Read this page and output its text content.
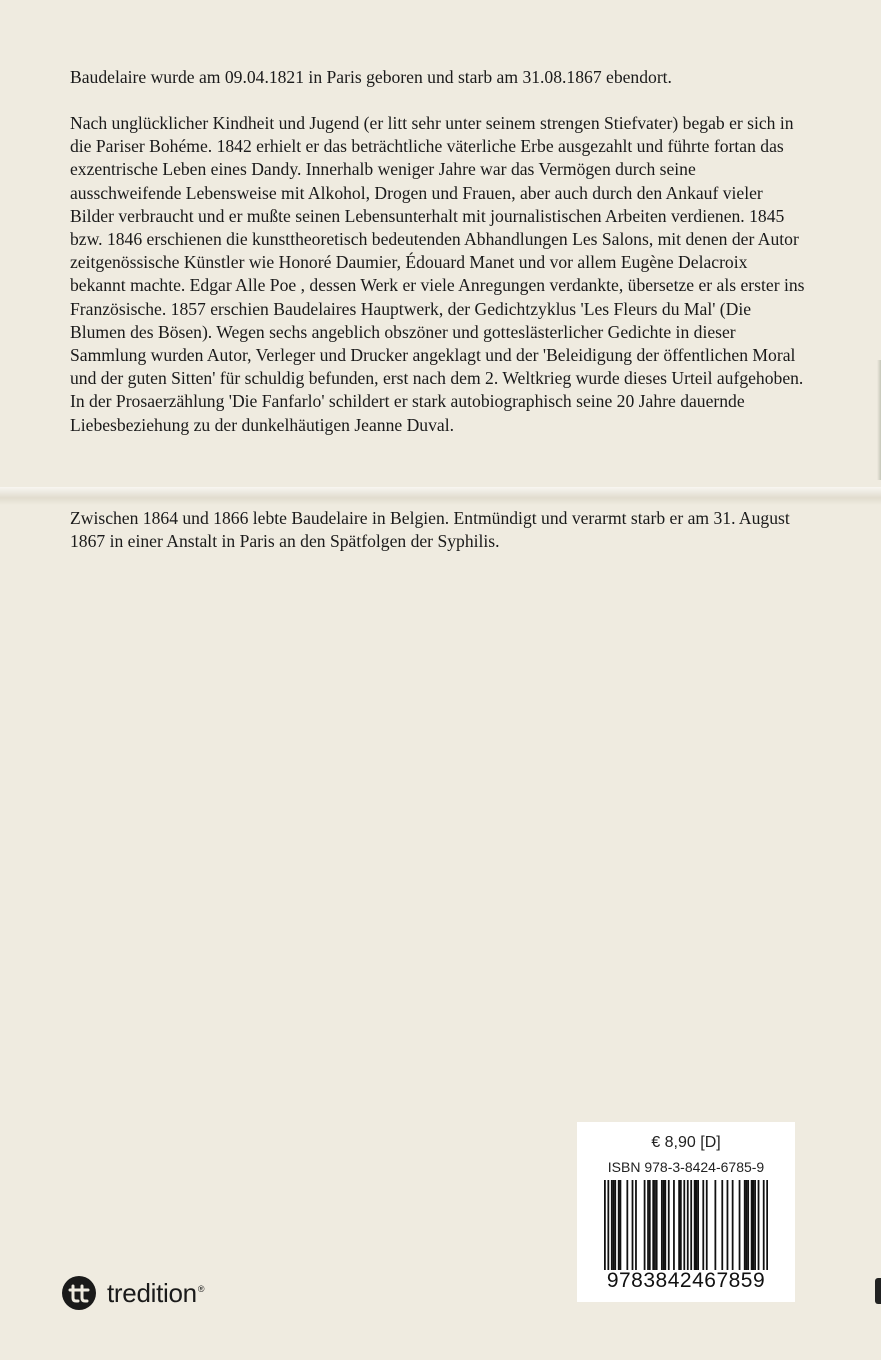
Baudelaire wurde am 09.04.1821 in Paris geboren und starb am 31.08.1867 ebendort.
Nach unglücklicher Kindheit und Jugend (er litt sehr unter seinem strengen Stiefvater) begab er sich in die Pariser Bohéme. 1842 erhielt er das beträchtliche väterliche Erbe ausgezahlt und führte fortan das exzentrische Leben eines Dandy. Innerhalb weniger Jahre war das Vermögen durch seine ausschweifende Lebensweise mit Alkohol, Drogen und Frauen, aber auch durch den Ankauf vieler Bilder verbraucht und er mußte seinen Lebensunterhalt mit journalistischen Arbeiten verdienen. 1845 bzw. 1846 erschienen die kunsttheoretisch bedeutenden Abhandlungen Les Salons, mit denen der Autor zeitgenössische Künstler wie Honoré Daumier, Édouard Manet und vor allem Eugène Delacroix bekannt machte. Edgar Alle Poe , dessen Werk er viele Anregungen verdankte, übersetze er als erster ins Französische. 1857 erschien Baudelaires Hauptwerk, der Gedichtzyklus 'Les Fleurs du Mal' (Die Blumen des Bösen). Wegen sechs angeblich obszöner und gotteslästerlicher Gedichte in dieser Sammlung wurden Autor, Verleger und Drucker angeklagt und der 'Beleidigung der öffentlichen Moral und der guten Sitten' für schuldig befunden, erst nach dem 2. Weltkrieg wurde dieses Urteil aufgehoben. In der Prosaerzählung 'Die Fanfarlo' schildert er stark autobiographisch seine 20 Jahre dauernde Liebesbeziehung zu der dunkelhäutigen Jeanne Duval.
Zwischen 1864 und 1866 lebte Baudelaire in Belgien. Entmündigt und verarmt starb er am 31. August 1867 in einer Anstalt in Paris an den Spätfolgen der Syphilis.
€ 8,90 [D]
ISBN 978-3-8424-6785-9
9783842467859
tredition®
